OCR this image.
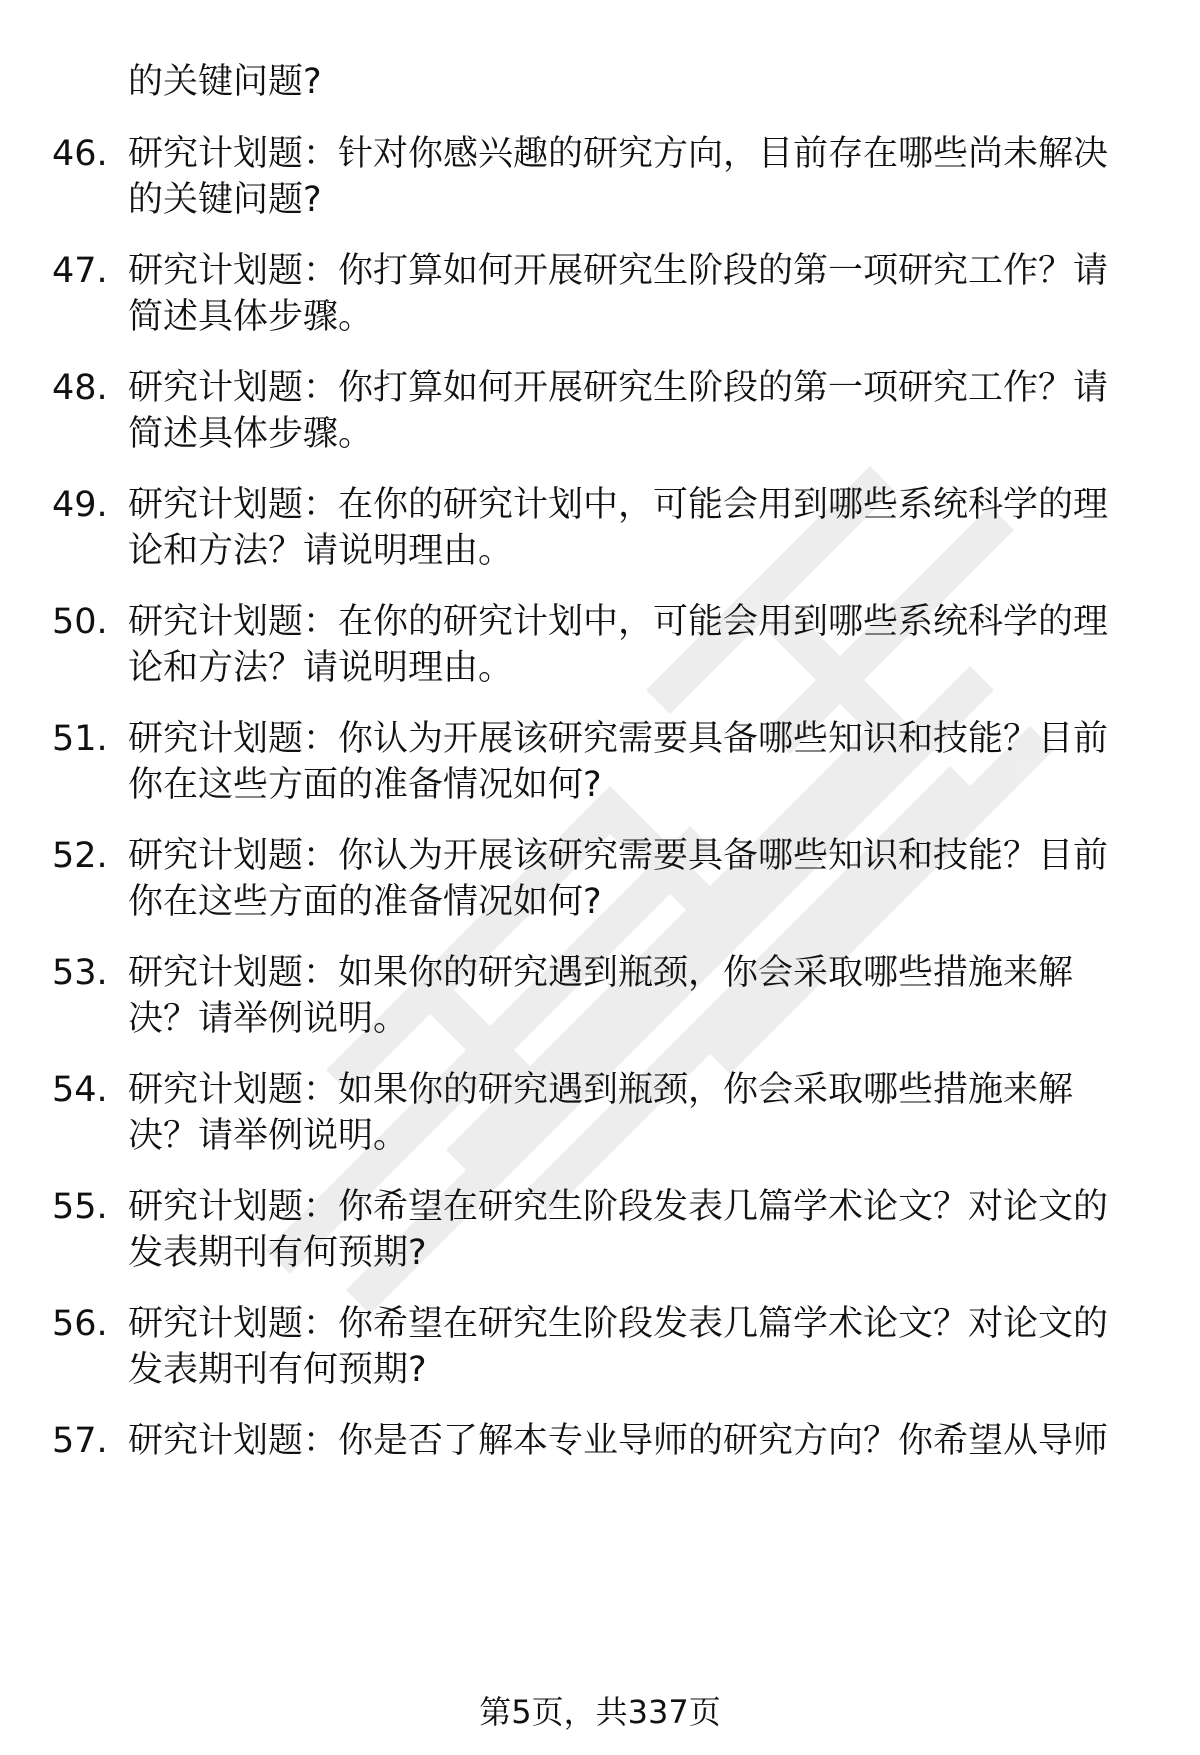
的关键问题?
46. 研究计划题：针对你感兴趣的研究方向，目前存在哪些尚未解决
的关键问题?
47. 研究计划题：你打算如何开展研究生阶段的第一项研究工作？请
简述具体步骤。
48. 研究计划题：你打算如何开展研究生阶段的第一项研究工作？请
简述具体步骤。
49. 研究计划题：在你的研究计划中，可能会用到哪些系统科学的理
论和方法？请说明理由。
50. 研究计划题：在你的研究计划中，可能会用到哪些系统科学的理
论和方法？请说明理由。
51. 研究计划题：你认为开展该研究需要具备哪些知识和技能？目前
你在这些方面的准备情况如何?
52. 研究计划题：你认为开展该研究需要具备哪些知识和技能？目前
你在这些方面的准备情况如何?
53. 研究计划题：如果你的研究遇到瓶颈，你会采取哪些措施来解
决？请举例说明。
54. 研究计划题：如果你的研究遇到瓶颈，你会采取哪些措施来解
决？请举例说明。
55. 研究计划题：你希望在研究生阶段发表几篇学术论文？对论文的
发表期刊有何预期?
56. 研究计划题：你希望在研究生阶段发表几篇学术论文？对论文的
发表期刊有何预期?
57. 研究计划题：你是否了解本专业导师的研究方向？你希望从导师
第5页，共337页
